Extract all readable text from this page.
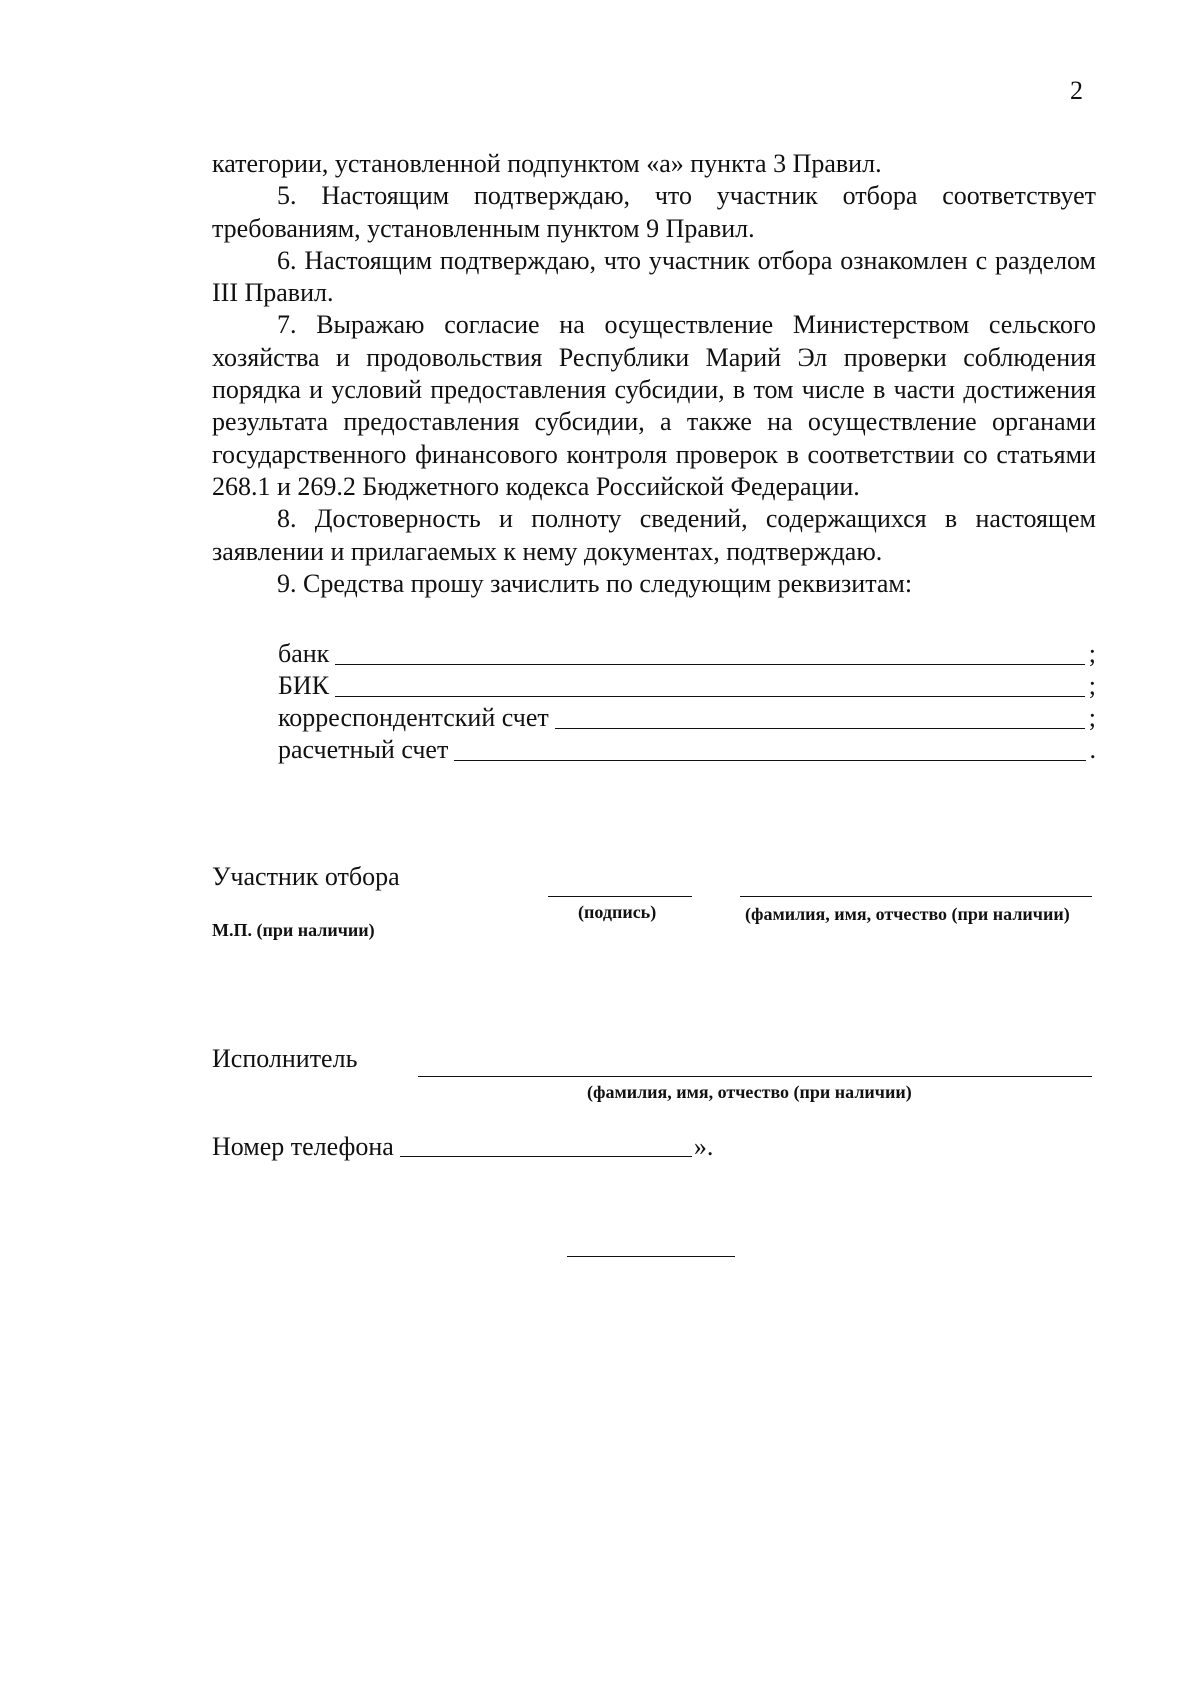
2

категории, установленной подпунктом «а» пункта 3 Правил.

5. Настоящим подтверждаю, что участник отбора соответствует требованиям, установленным пунктом 9 Правил.

6. Настоящим подтверждаю, что участник отбора ознакомлен с разделом III Правил.

7. Выражаю согласие на осуществление Министерством сельского хозяйства и продовольствия Республики Марий Эл проверки соблюдения порядка и условий предоставления субсидии, в том числе в части достижения результата предоставления субсидии, а также на осуществление органами государственного финансового контроля проверок в соответствии со статьями 268.1 и 269.2 Бюджетного кодекса Российской Федерации.

8. Достоверность и полноту сведений, содержащихся в настоящем заявлении и прилагаемых к нему документах, подтверждаю.

9. Средства прошу зачислить по следующим реквизитам:

банк	;
БИК	;
корреспондентский счет	;
расчетный счет	.
Участник отбора
(подпись)	(фамилия, имя, отчество (при наличии)
М.П. (при наличии)
Исполнитель
(фамилия, имя, отчество (при наличии)
Номер телефона	».
